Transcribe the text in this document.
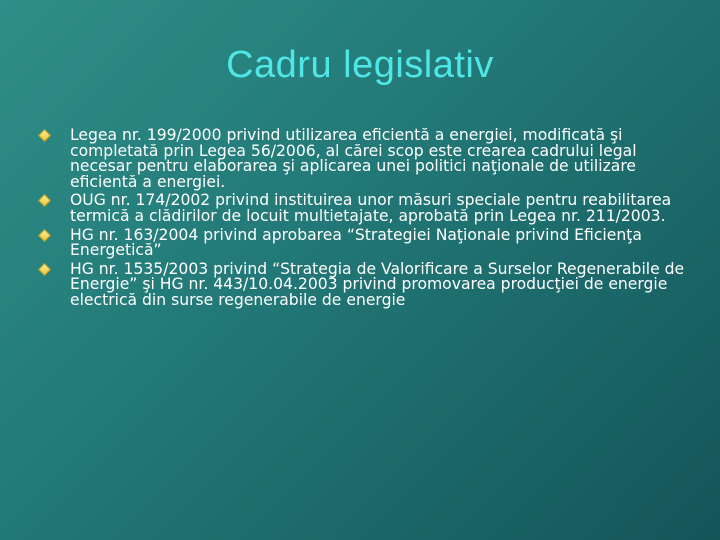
Cadru legislativ
Legea nr. 199/2000 privind utilizarea eficientă a energiei, modificată şi completată prin Legea 56/2006, al cărei scop este crearea cadrului legal necesar pentru elaborarea şi aplicarea unei politici naţionale de utilizare eficientă a energiei.
OUG nr. 174/2002 privind instituirea unor măsuri speciale pentru reabilitarea termică a clădirilor de locuit multietajate, aprobată prin Legea nr. 211/2003.
HG nr. 163/2004 privind aprobarea “Strategiei Naţionale privind Eficienţa Energetică”
HG nr. 1535/2003 privind “Strategia de Valorificare a Surselor Regenerabile de Energie” şi HG nr. 443/10.04.2003 privind promovarea producţiei de energie electrică din surse regenerabile de energie
